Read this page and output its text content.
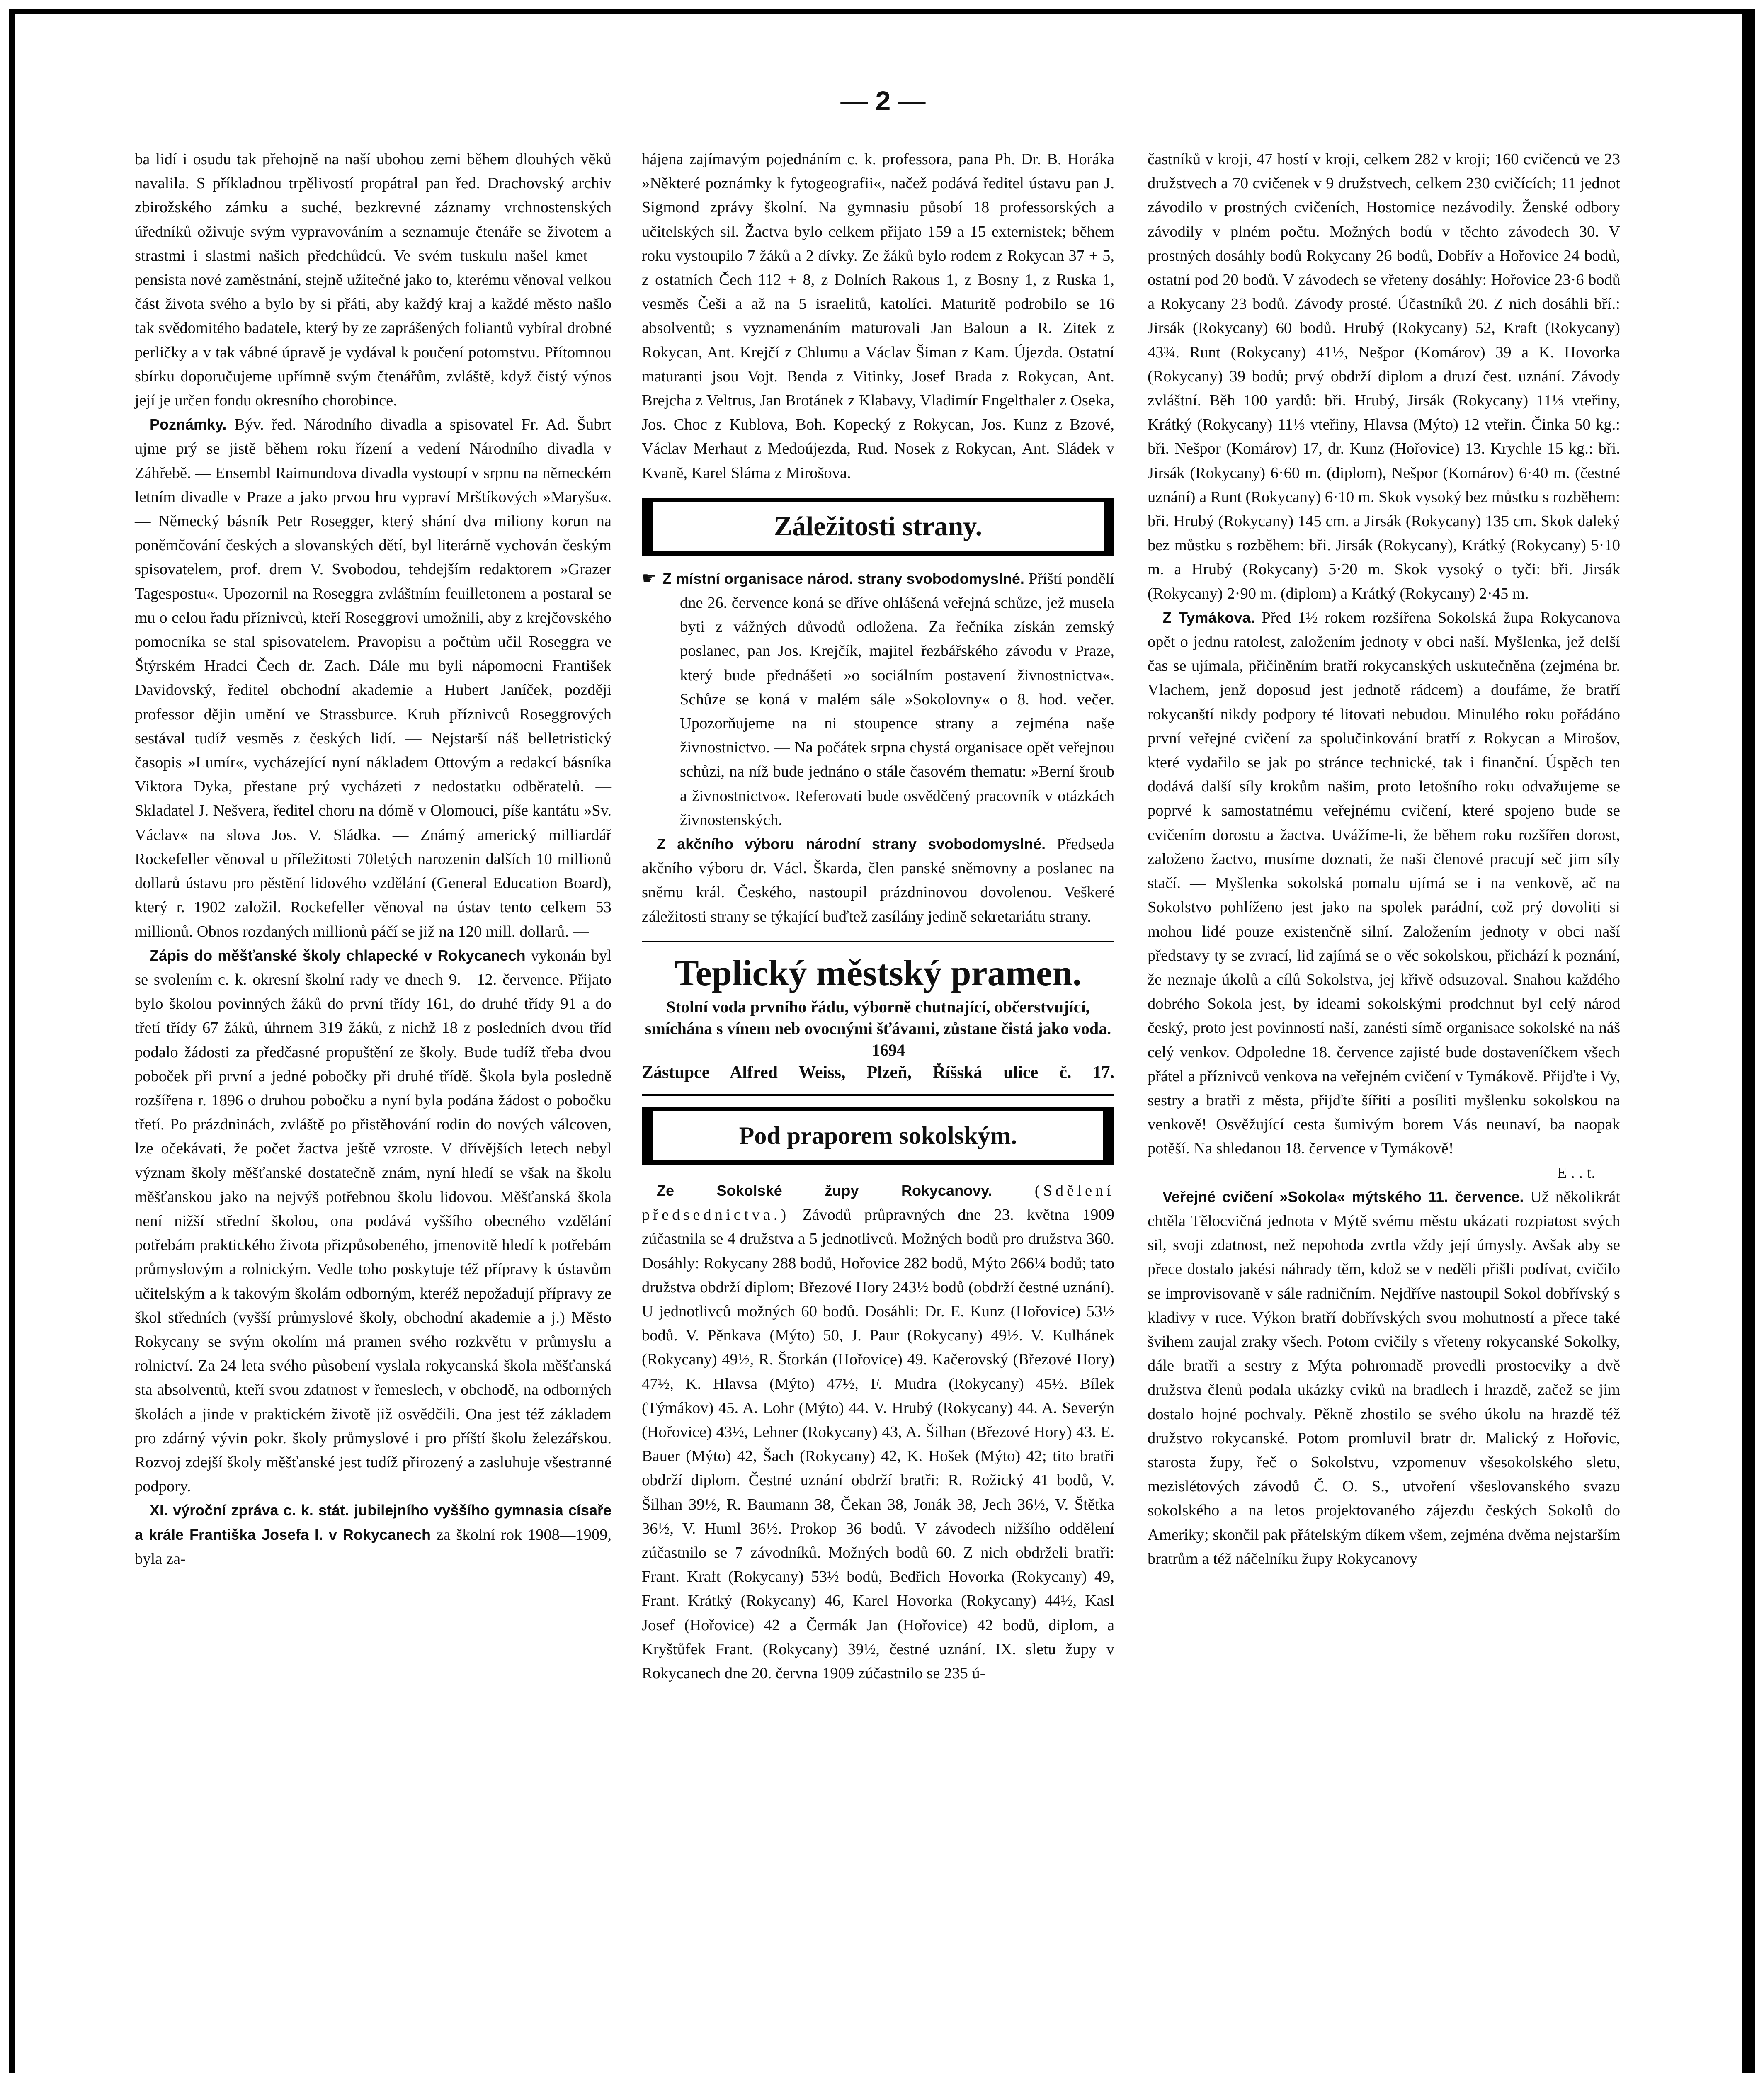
— 2 —

ba lidí i osudu tak přehojně na naší ubohou zemi během dlouhých věků navalila. S příkladnou trpělivostí propátral pan řed. Drachovský archiv zbirožského zámku a suché, bezkrevné záznamy vrchnostenských úředníků oživuje svým vypravováním a seznamuje čtenáře se životem a strastmi i slastmi našich předchůdců. Ve svém tuskulu našel kmet — pensista nové zaměstnání, stejně užitečné jako to, kterému věnoval velkou část života svého a bylo by si přáti, aby každý kraj a každé město našlo tak svědomitého badatele, který by ze zaprášených foliantů vybíral drobné perličky a v tak vábné úpravě je vydával k poučení potomstvu. Přítomnou sbírku doporučujeme upřímně svým čtenářům, zvláště, když čistý výnos její je určen fondu okresního chorobince.

Poznámky. Býv. řed. Národního divadla a spisovatel Fr. Ad. Šubrt ujme prý se jistě během roku řízení a vedení Národního divadla v Záhřebě. — Ensembl Raimundova divadla vystoupí v srpnu na německém letním divadle v Praze a jako prvou hru vypraví Mrštíkových »Maryšu«. — Německý básník Petr Rosegger, který shání dva miliony korun na poněmčování českých a slovanských dětí, byl literárně vychován českým spisovatelem, prof. drem V. Svobodou, tehdejším redaktorem »Grazer Tagespostu«. Upozornil na Roseggra zvláštním feuilletonem a postaral se mu o celou řadu příznivců, kteří Roseggrovi umožnili, aby z krejčovského pomocníka se stal spisovatelem. Pravopisu a počtům učil Roseggra ve Štýrském Hradci Čech dr. Zach. Dále mu byli nápomocni František Davidovský, ředitel obchodní akademie a Hubert Janíček, později professor dějin umění ve Strassburce. Kruh příznivců Roseggrových sestával tudíž vesměs z českých lidí. — Nejstarší náš belletristický časopis »Lumír«, vycházející nyní nákladem Ottovým a redakcí básníka Viktora Dyka, přestane prý vycházeti z nedostatku odběratelů. — Skladatel J. Nešvera, ředitel choru na dómě v Olomouci, píše kantátu »Sv. Václav« na slova Jos. V. Sládka. — Známý americký milliardář Rockefeller věnoval u příležitosti 70letých narozenin dalších 10 millionů dollarů ústavu pro pěstění lidového vzdělání (General Education Board), který r. 1902 založil. Rockefeller věnoval na ústav tento celkem 53 millionů. Obnos rozdaných millionů páčí se již na 120 mill. dollarů. —

Zápis do měšťanské školy chlapecké v Rokycanech vykonán byl se svolením c. k. okresní školní rady ve dnech 9.—12. července. Přijato bylo školou povinných žáků do první třídy 161, do druhé třídy 91 a do třetí třídy 67 žáků, úhrnem 319 žáků, z nichž 18 z posledních dvou tříd podalo žádosti za předčasné propuštění ze školy. Bude tudíž třeba dvou poboček při první a jedné pobočky při druhé třídě. Škola byla posledně rozšířena r. 1896 o druhou pobočku a nyní byla podána žádost o pobočku třetí. Po prázdninách, zvláště po přistěhování rodin do nových válcoven, lze očekávati, že počet žactva ještě vzroste. V dřívějších letech nebyl význam školy měšťanské dostatečně znám, nyní hledí se však na školu měšťanskou jako na nejvýš potřebnou školu lidovou. Měšťanská škola není nižší střední školou, ona podává vyššího obecného vzdělání potřebám praktického života přizpůsobeného, jmenovitě hledí k potřebám průmyslovým a rolnickým. Vedle toho poskytuje též přípravy k ústavům učitelským a k takovým školám odborným, kteréž nepožadují přípravy ze škol středních (vyšší průmyslové školy, obchodní akademie a j.) Město Rokycany se svým okolím má pramen svého rozkvětu v průmyslu a rolnictví. Za 24 leta svého působení vyslala rokycanská škola měšťanská sta absolventů, kteří svou zdatnost v řemeslech, v obchodě, na odborných školách a jinde v praktickém životě již osvědčili. Ona jest též základem pro zdárný vývin pokr. školy průmyslové i pro příští školu železářskou. Rozvoj zdejší školy měšťanské jest tudíž přirozený a zasluhuje všestranné podpory.

XI. výroční zpráva c. k. stát. jubilejního vyššího gymnasia císaře a krále Františka Josefa I. v Rokycanech za školní rok 1908—1909, byla za-

hájena zajímavým pojednáním c. k. professora, pana Ph. Dr. B. Horáka »Některé poznámky k fytogeografii«, načež podává ředitel ústavu pan J. Sigmond zprávy školní. Na gymnasiu působí 18 professorských a učitelských sil. Žactva bylo celkem přijato 159 a 15 externistek; během roku vystoupilo 7 žáků a 2 dívky. Ze žáků bylo rodem z Rokycan 37 + 5, z ostatních Čech 112 + 8, z Dolních Rakous 1, z Bosny 1, z Ruska 1, vesměs Češi a až na 5 israelitů, katolíci. Maturitě podrobilo se 16 absolventů; s vyznamenáním maturovali Jan Baloun a R. Zitek z Rokycan, Ant. Krejčí z Chlumu a Václav Šiman z Kam. Újezda. Ostatní maturanti jsou Vojt. Benda z Vitinky, Josef Brada z Rokycan, Ant. Brejcha z Veltrus, Jan Brotánek z Klabavy, Vladimír Engelthaler z Oseka, Jos. Choc z Kublova, Boh. Kopecký z Rokycan, Jos. Kunz z Bzové, Václav Merhaut z Medoújezda, Rud. Nosek z Rokycan, Ant. Sládek v Kvaně, Karel Sláma z Mirošova.

Záležitosti strany.

☛ Z místní organisace národ. strany svobodomyslné. Příští pondělí dne 26. července koná se dříve ohlášená veřejná schůze, jež musela byti z vážných důvodů odložena. Za řečníka získán zemský poslanec, pan Jos. Krejčík, majitel řezbářského závodu v Praze, který bude přednášeti »o sociálním postavení živnostnictva«. Schůze se koná v malém sále »Sokolovny« o 8. hod. večer. Upozorňujeme na ni stoupence strany a zejména naše živnostnictvo. — Na počátek srpna chystá organisace opět veřejnou schůzi, na níž bude jednáno o stále časovém thematu: »Berní šroub a živnostnictvo«. Referovati bude osvědčený pracovník v otázkách živnostenských.

Z akčního výboru národní strany svobodomyslné. Předseda akčního výboru dr. Václ. Škarda, člen panské sněmovny a poslanec na sněmu král. Českého, nastoupil prázdninovou dovolenou. Veškeré záležitosti strany se týkající buďtež zasílány jedině sekretariátu strany.

Teplický městský pramen.
Stolní voda prvního řádu, výborně chutnající, občerstvující, smíchána s vínem neb ovocnými šťávami, zůstane čistá jako voda.      1694
Zástupce Alfred Weiss, Plzeň, Říšská ulice č. 17.
Pod praporem sokolským.

Ze Sokolské župy Rokycanovy.	(Sdělení předsednictva.) Závodů průpravných dne 23. května 1909 zúčastnila se 4 družstva a 5 jednotlivců. Možných bodů pro družstva 360. Dosáhly: Rokycany 288 bodů, Hořovice 282 bodů, Mýto 266¼ bodů; tato družstva obdrží diplom; Březové Hory 243½ bodů (obdrží čestné uznání). U jednotlivců možných 60 bodů. Dosáhli: Dr. E. Kunz (Hořovice) 53½ bodů. V. Pěnkava (Mýto) 50, J. Paur (Rokycany) 49½. V. Kulhánek (Rokycany) 49½, R. Štorkán (Hořovice) 49. Kačerovský (Březové Hory) 47½, K. Hlavsa (Mýto) 47½, F. Mudra (Rokycany) 45½. Bílek (Týmákov) 45. A. Lohr (Mýto) 44. V. Hrubý (Rokycany) 44. A. Severýn (Hořovice) 43½, Lehner (Rokycany) 43, A. Šilhan (Březové Hory) 43. E. Bauer (Mýto) 42, Šach (Rokycany) 42, K. Hošek (Mýto) 42; tito bratři obdrží diplom. Čestné uznání obdrží bratři: R. Rožický 41 bodů, V. Šilhan 39½, R. Baumann 38, Čekan 38, Jonák 38, Jech 36½, V. Štětka 36½, V. Huml 36½. Prokop 36 bodů. V závodech nižšího oddělení zúčastnilo se 7 závodníků. Možných bodů 60. Z nich obdrželi bratři: Frant. Kraft (Rokycany) 53½ bodů, Bedřich Hovorka (Rokycany) 49, Frant. Krátký (Rokycany) 46, Karel Hovorka (Rokycany) 44½, Kasl Josef (Hořovice) 42 a Čermák Jan (Hořovice) 42 bodů, diplom, a Kryštůfek Frant. (Rokycany) 39½, čestné uznání. IX. sletu župy v Rokycanech dne 20. června 1909 zúčastnilo se 235 ú-

častníků v kroji, 47 hostí v kroji, celkem 282 v kroji; 160 cvičenců ve 23 družstvech a 70 cvičenek v 9 družstvech, celkem 230 cvičících; 11 jednot závodilo v prostných cvičeních, Hostomice nezávodily. Ženské odbory závodily v plném počtu. Možných bodů v těchto závodech 30. V prostných dosáhly bodů Rokycany 26 bodů, Dobřív a Hořovice 24 bodů, ostatní pod 20 bodů. V závodech se vřeteny dosáhly: Hořovice 23·6 bodů a Rokycany 23 bodů. Závody prosté. Účastníků 20. Z nich dosáhli bří.: Jirsák (Rokycany) 60 bodů. Hrubý (Rokycany) 52, Kraft (Rokycany) 43¾. Runt (Rokycany) 41½, Nešpor (Komárov) 39 a K. Hovorka (Rokycany) 39 bodů; prvý obdrží diplom a druzí čest. uznání. Závody zvláštní. Běh 100 yardů: bři. Hrubý, Jirsák (Rokycany) 11⅓ vteřiny, Krátký (Rokycany) 11⅓ vteřiny, Hlavsa (Mýto) 12 vteřin. Činka 50 kg.: bři. Nešpor (Komárov) 17, dr. Kunz (Hořovice) 13. Krychle 15 kg.: bři. Jirsák (Rokycany) 6·60 m. (diplom), Nešpor (Komárov) 6·40 m. (čestné uznání) a Runt (Rokycany) 6·10 m. Skok vysoký bez můstku s rozběhem: bři. Hrubý (Rokycany) 145 cm. a Jirsák (Rokycany) 135 cm. Skok daleký bez můstku s rozběhem: bři. Jirsák (Rokycany), Krátký (Rokycany) 5·10 m. a Hrubý (Rokycany) 5·20 m. Skok vysoký o tyči: bři. Jirsák (Rokycany) 2·90 m. (diplom) a Krátký (Rokycany) 2·45 m.

Z Tymákova. Před 1½ rokem rozšířena Sokolská župa Rokycanova opět o jednu ratolest, založením jednoty v obci naší. Myšlenka, jež delší čas se ujímala, přičiněním bratří rokycanských uskutečněna (zejména br. Vlachem, jenž doposud jest jednotě rádcem) a doufáme, že bratří rokycanští nikdy podpory té litovati nebudou. Minulého roku pořádáno první veřejné cvičení za spolučinkování bratří z Rokycan a Mirošov, které vydařilo se jak po stránce technické, tak i finanční. Úspěch ten dodává další síly krokům našim, proto letošního roku odvažujeme se poprvé k samostatnému veřejnému cvičení, které spojeno bude se cvičením dorostu a žactva. Uvážíme-li, že během roku rozšířen dorost, založeno žactvo, musíme doznati, že naši členové pracují seč jim síly stačí. — Myšlenka sokolská pomalu ujímá se i na venkově, ač na Sokolstvo pohlíženo jest jako na spolek parádní, což prý dovoliti si mohou lidé pouze existenčně silní. Založením jednoty v obci naší představy ty se zvrací, lid zajímá se o věc sokolskou, přichází k poznání, že neznaje úkolů a cílů Sokolstva, jej křivě odsuzoval. Snahou každého dobrého Sokola jest, by ideami sokolskými prodchnut byl celý národ český, proto jest povinností naší, zanésti símě organisace sokolské na náš celý venkov. Odpoledne 18. července zajisté bude dostaveníčkem všech přátel a příznivců venkova na veřejném cvičení v Tymákově. Přijďte i Vy, sestry a bratři z města, přijďte šířiti a posíliti myšlenku sokolskou na venkově! Osvěžující cesta šumivým borem Vás neunaví, ba naopak potěší. Na shledanou 18. července v Tymákově!

E . . t.

Veřejné cvičení »Sokola« mýtského 11. července. Už několikrát chtěla Tělocvičná jednota v Mýtě svému městu ukázati rozpiatost svých sil, svoji zdatnost, než nepohoda zvrtla vždy její úmysly. Avšak aby se přece dostalo jakési náhrady těm, kdož se v neděli přišli podívat, cvičilo se improvisovaně v sále radničním. Nejdříve nastoupil Sokol dobřívský s kladivy v ruce. Výkon bratří dobřívských svou mohutností a přece také švihem zaujal zraky všech. Potom cvičily s vřeteny rokycanské Sokolky, dále bratři a sestry z Mýta pohromadě provedli prostocviky a dvě družstva členů podala ukázky cviků na bradlech i hrazdě, začež se jim dostalo hojné pochvaly. Pěkně zhostilo se svého úkolu na hrazdě též družstvo rokycanské. Potom promluvil bratr dr. Malický z Hořovic, starosta župy, řeč o Sokolstvu, vzpomenuv všesokolského sletu, mezislétových závodů Č. O. S., utvoření všeslovanského svazu sokolského a na letos projektovaného zájezdu českých Sokolů do Ameriky; skončil pak přátelským díkem všem, zejména dvěma nejstarším bratrům a též náčelníku župy Rokycanovy
